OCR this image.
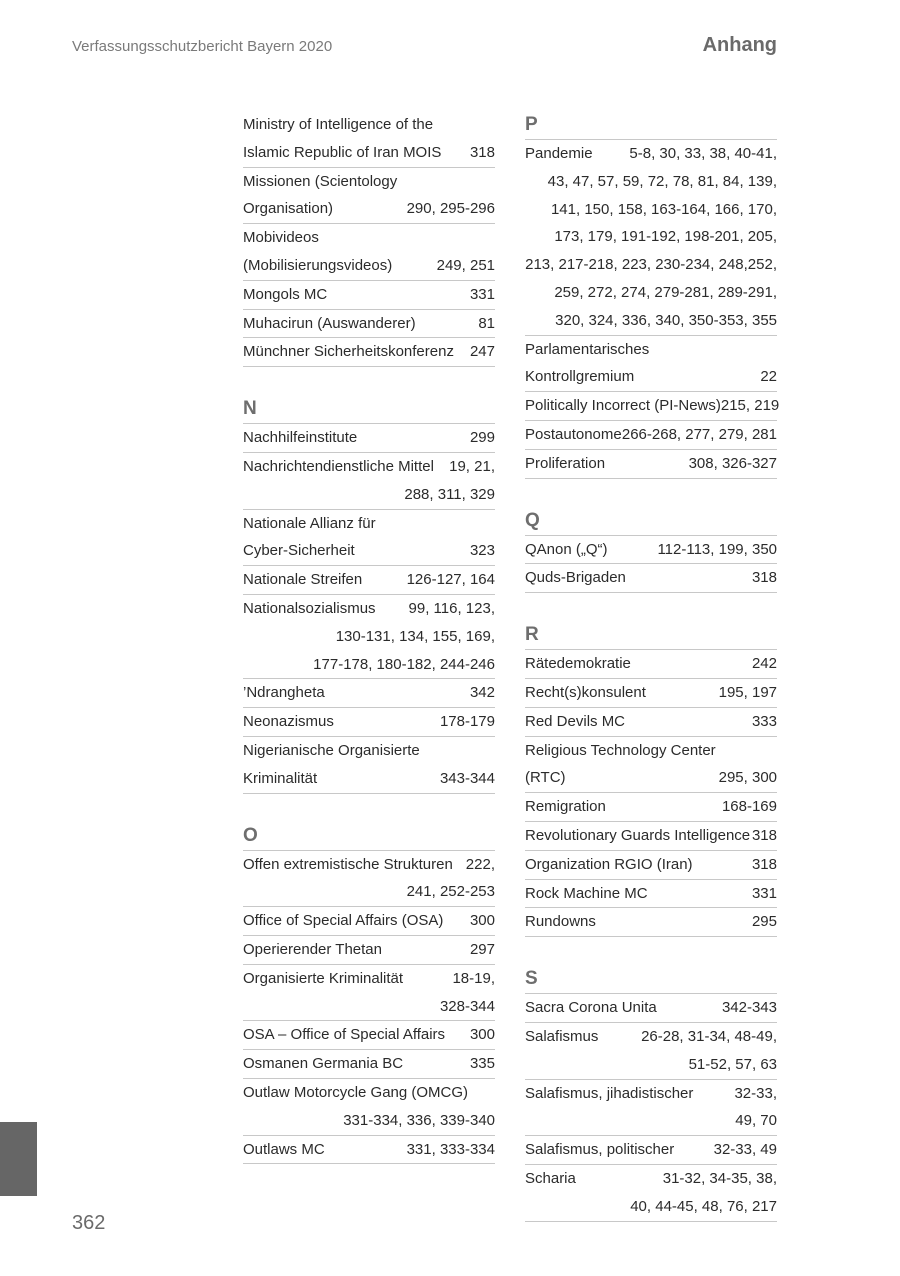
Verfassungsschutzbericht Bayern 2020	Anhang
Ministry of Intelligence of the
Islamic Republic of Iran MOIS 318
Missionen (Scientology
Organisation)	290, 295-296
Mobivideos
(Mobilisierungsvideos)	249, 251
Mongols MC	331
Muhacirun (Auswanderer)	81
Münchner Sicherheitskonferenz 247
N
Nachhilfeinstitute	299
Nachrichtendienstliche Mittel 19, 21,
288, 311, 329
Nationale Allianz für
Cyber-Sicherheit	323
Nationale Streifen	126-127, 164
Nationalsozialismus 99, 116, 123,
130-131, 134, 155, 169,
177-178, 180-182, 244-246
’Ndrangheta	342
Neonazismus	178-179
Nigerianische Organisierte
Kriminalität	343-344
O
Offen extremistische Strukturen 222,
241, 252-253
Office of Special Affairs (OSA) 300
Operierender Thetan	297
Organisierte Kriminalität	18-19,
328-344
OSA – Office of Special Affairs 300
Osmanen Germania BC	335
Outlaw Motorcycle Gang (OMCG)
331-334, 336, 339-340
Outlaws MC	331, 333-334
P
Pandemie 5-8, 30, 33, 38, 40-41,
43, 47, 57, 59, 72, 78, 81, 84, 139,
141, 150, 158, 163-164, 166, 170,
173, 179, 191-192, 198-201, 205,
213, 217-218, 223, 230-234, 248,252,
259, 272, 274, 279-281, 289-291,
320, 324, 336, 340, 350-353, 355
Parlamentarisches
Kontrollgremium	22
Politically Incorrect (PI-News) 215, 219
Postautonome 266-268, 277, 279, 281
Proliferation	308, 326-327
Q
QAnon („Q“)	112-113, 199, 350
Quds-Brigaden	318
R
Rätedemokratie	242
Recht(s)konsulent	195, 197
Red Devils MC	333
Religious Technology Center
(RTC)	295, 300
Remigration	168-169
Revolutionary Guards Intelligence 318
Organization RGIO (Iran)	318
Rock Machine MC	331
Rundowns	295
S
Sacra Corona Unita	342-343
Salafismus	26-28, 31-34, 48-49,
51-52, 57, 63
Salafismus, jihadistischer	32-33,
49, 70
Salafismus, politischer	32-33, 49
Scharia	31-32, 34-35, 38,
40, 44-45, 48, 76, 217
362
